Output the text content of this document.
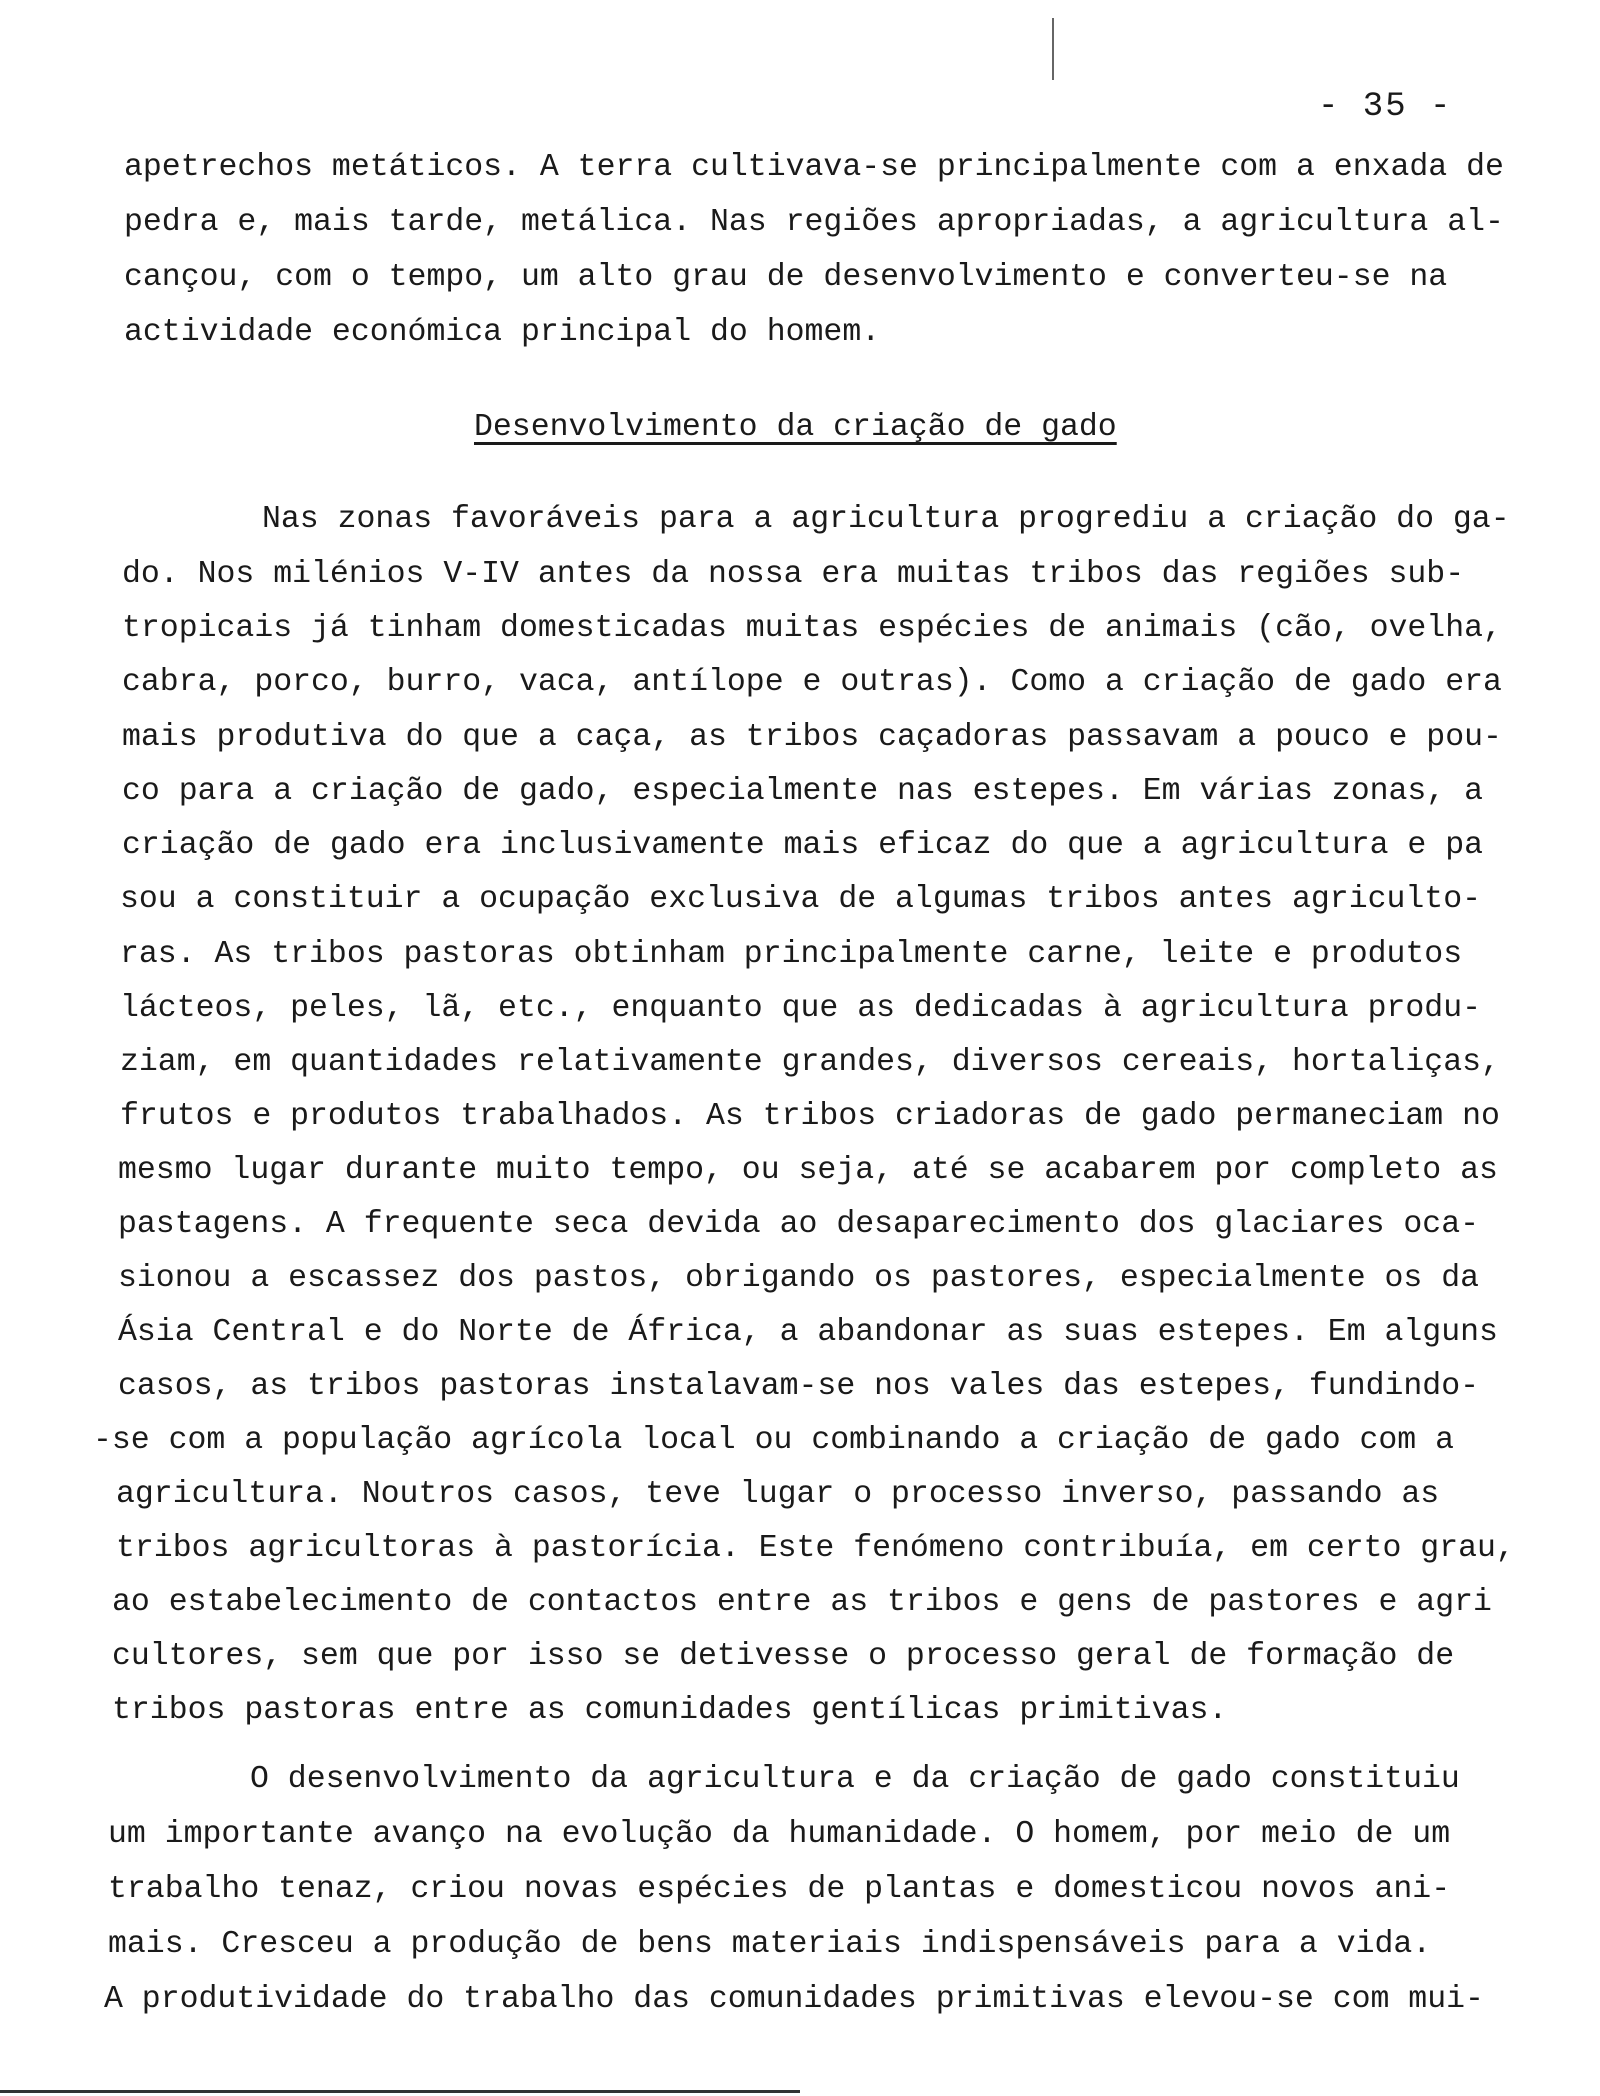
- 35 -
apetrechos metáticos. A terra cultivava-se principalmente com a enxada de
pedra e, mais tarde, metálica. Nas regiões apropriadas, a agricultura al-
cançou, com o tempo, um alto grau de desenvolvimento e converteu-se na
actividade económica principal do homem.
Desenvolvimento da criação de gado
Nas zonas favoráveis para a agricultura progrediu a criação do ga-
do. Nos milénios V-IV antes da nossa era muitas tribos das regiões sub-
tropicais já tinham domesticadas muitas espécies de animais (cão, ovelha,
cabra, porco, burro, vaca, antílope e outras). Como a criação de gado era
mais produtiva do que a caça, as tribos caçadoras passavam a pouco e pou-
co para a criação de gado, especialmente nas estepes. Em várias zonas, a
criação de gado era inclusivamente mais eficaz do que a agricultura e pa
sou a constituir a ocupação exclusiva de algumas tribos antes agriculto-
ras. As tribos pastoras obtinham principalmente carne, leite e produtos
lácteos, peles, lã, etc., enquanto que as dedicadas à agricultura produ-
ziam, em quantidades relativamente grandes, diversos cereais, hortaliças,
frutos e produtos trabalhados. As tribos criadoras de gado permaneciam no
mesmo lugar durante muito tempo, ou seja, até se acabarem por completo as
pastagens. A frequente seca devida ao desaparecimento dos glaciares oca-
sionou a escassez dos pastos, obrigando os pastores, especialmente os da
Ásia Central e do Norte de África, a abandonar as suas estepes. Em alguns
casos, as tribos pastoras instalavam-se nos vales das estepes, fundindo-
-se com a população agrícola local ou combinando a criação de gado com a
agricultura. Noutros casos, teve lugar o processo inverso, passando as
tribos agricultoras à pastorícia. Este fenómeno contribuía, em certo grau,
ao estabelecimento de contactos entre as tribos e gens de pastores e agri
cultores, sem que por isso se detivesse o processo geral de formação de
tribos pastoras entre as comunidades gentílicas primitivas.
O desenvolvimento da agricultura e da criação de gado constituiu
um importante avanço na evolução da humanidade. O homem, por meio de um
trabalho tenaz, criou novas espécies de plantas e domesticou novos ani-
mais. Cresceu a produção de bens materiais indispensáveis para a vida.
A produtividade do trabalho das comunidades primitivas elevou-se com mui-
